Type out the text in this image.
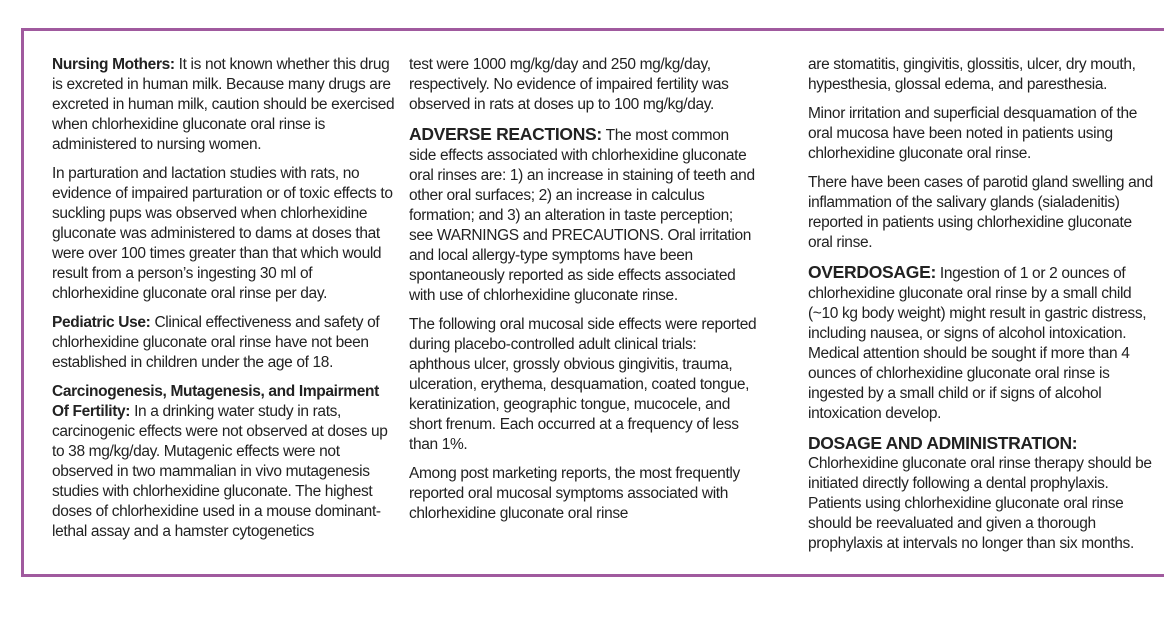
Nursing Mothers: It is not known whether this drug is excreted in human milk. Because many drugs are excreted in human milk, caution should be exercised when chlorhexidine gluconate oral rinse is administered to nursing women.

In parturation and lactation studies with rats, no evidence of impaired parturation or of toxic effects to suckling pups was observed when chlorhexidine gluconate was administered to dams at doses that were over 100 times greater than that which would result from a person’s ingesting 30 ml of chlorhexidine gluconate oral rinse per day.

Pediatric Use: Clinical effectiveness and safety of chlorhexidine gluconate oral rinse have not been established in children under the age of 18.

Carcinogenesis, Mutagenesis, and Impairment Of Fertility: In a drinking water study in rats, carcinogenic effects were not observed at doses up to 38 mg/kg/day. Mutagenic effects were not observed in two mammalian in vivo mutagenesis studies with chlorhexidine gluconate. The highest doses of chlorhexidine used in a mouse dominant-lethal assay and a hamster cytogenetics

test were 1000 mg/kg/day and 250 mg/kg/day, respectively. No evidence of impaired fertility was observed in rats at doses up to 100 mg/kg/day.

ADVERSE REACTIONS: The most common side effects associated with chlorhexidine gluconate oral rinses are: 1) an increase in staining of teeth and other oral surfaces; 2) an increase in calculus formation; and 3) an alteration in taste perception; see WARNINGS and PRECAUTIONS. Oral irritation and local allergy-type symptoms have been spontaneously reported as side effects associated with use of chlorhexidine gluconate rinse.

The following oral mucosal side effects were reported during placebo-controlled adult clinical trials: aphthous ulcer, grossly obvious gingivitis, trauma, ulceration, erythema, desquamation, coated tongue, keratinization, geographic tongue, mucocele, and short frenum. Each occurred at a frequency of less than 1%.

Among post marketing reports, the most frequently reported oral mucosal symptoms associated with chlorhexidine gluconate oral rinse

are stomatitis, gingivitis, glossitis, ulcer, dry mouth, hypesthesia, glossal edema, and paresthesia.

Minor irritation and superficial desquamation of the oral mucosa have been noted in patients using chlorhexidine gluconate oral rinse.

There have been cases of parotid gland swelling and inflammation of the salivary glands (sialadenitis) reported in patients using chlorhexidine gluconate oral rinse.

OVERDOSAGE: Ingestion of 1 or 2 ounces of chlorhexidine gluconate oral rinse by a small child (~10 kg body weight) might result in gastric distress, including nausea, or signs of alcohol intoxication. Medical attention should be sought if more than 4 ounces of chlorhexidine gluconate oral rinse is ingested by a small child or if signs of alcohol intoxication develop.

DOSAGE AND ADMINISTRATION:
Chlorhexidine gluconate oral rinse therapy should be initiated directly following a dental prophylaxis. Patients using chlorhexidine gluconate oral rinse should be reevaluated and given a thorough prophylaxis at intervals no longer than six months.
